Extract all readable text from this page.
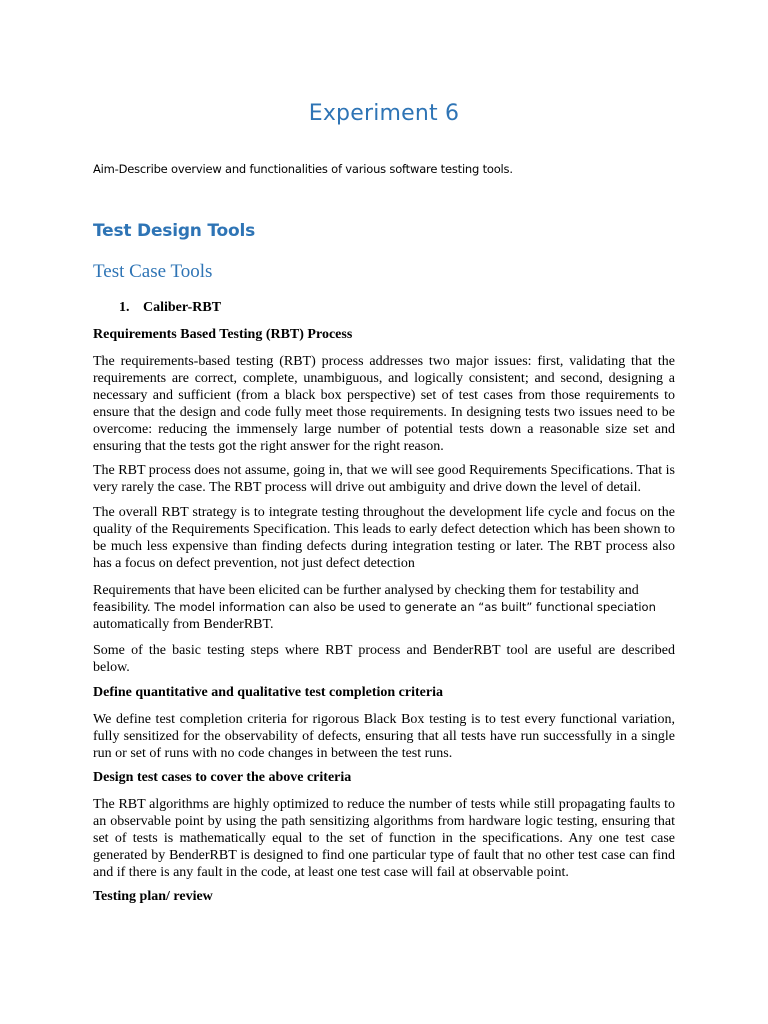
Experiment 6
Aim-Describe overview and functionalities of various software testing tools.
Test Design Tools
Test Case Tools
1. Caliber-RBT
Requirements Based Testing (RBT) Process
The requirements-based testing (RBT) process addresses two major issues: first, validating that the requirements are correct, complete, unambiguous, and logically consistent; and second, designing a necessary and sufficient (from a black box perspective) set of test cases from those requirements to ensure that the design and code fully meet those requirements. In designing tests two issues need to be overcome: reducing the immensely large number of potential tests down a reasonable size set and ensuring that the tests got the right answer for the right reason.
The RBT process does not assume, going in, that we will see good Requirements Specifications. That is very rarely the case. The RBT process will drive out ambiguity and drive down the level of detail.
The overall RBT strategy is to integrate testing throughout the development life cycle and focus on the quality of the Requirements Specification. This leads to early defect detection which has been shown to be much less expensive than finding defects during integration testing or later. The RBT process also has a focus on defect prevention, not just defect detection
Requirements that have been elicited can be further analysed by checking them for testability and
feasibility. The model information can also be used to generate an “as built” functional speciation
automatically from BenderRBT.
Some of the basic testing steps where RBT process and BenderRBT tool are useful are described below.
Define quantitative and qualitative test completion criteria
We define test completion criteria for rigorous Black Box testing is to test every functional variation, fully sensitized for the observability of defects, ensuring that all tests have run successfully in a single run or set of runs with no code changes in between the test runs.
Design test cases to cover the above criteria
The RBT algorithms are highly optimized to reduce the number of tests while still propagating faults to an observable point by using the path sensitizing algorithms from hardware logic testing, ensuring that set of tests is mathematically equal to the set of function in the specifications. Any one test case generated by BenderRBT is designed to find one particular type of fault that no other test case can find and if there is any fault in the code, at least one test case will fail at observable point.
Testing plan/ review
